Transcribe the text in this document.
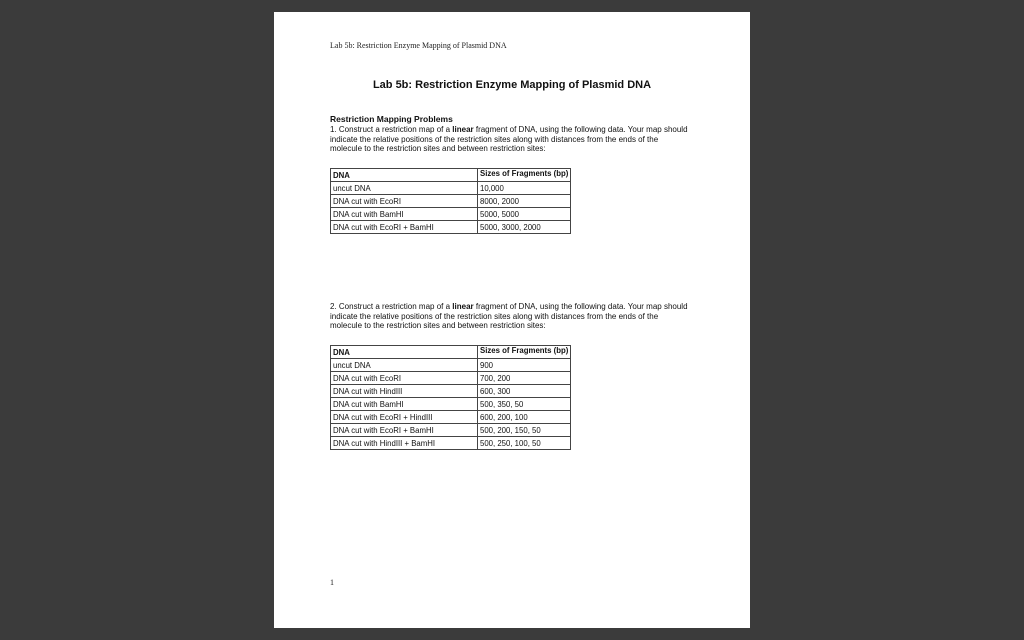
Lab 5b: Restriction Enzyme Mapping of Plasmid DNA
Lab 5b: Restriction Enzyme Mapping of Plasmid DNA
Restriction Mapping Problems
1. Construct a restriction map of a linear fragment of DNA, using the following data. Your map should indicate the relative positions of the restriction sites along with distances from the ends of the molecule to the restriction sites and between restriction sites:
DNA	Sizes of Fragments (bp)
uncut DNA	10,000
DNA cut with EcoRI	8000, 2000
DNA cut with BamHI	5000, 5000
DNA cut with EcoRI + BamHI	5000, 3000, 2000
2. Construct a restriction map of a linear fragment of DNA, using the following data. Your map should indicate the relative positions of the restriction sites along with distances from the ends of the molecule to the restriction sites and between restriction sites:
DNA	Sizes of Fragments (bp)
uncut DNA	900
DNA cut with EcoRI	700, 200
DNA cut with HindIII	600, 300
DNA cut with BamHI	500, 350, 50
DNA cut with EcoRI + HindIII	600, 200, 100
DNA cut with EcoRI + BamHI	500, 200, 150, 50
DNA cut with HindIII + BamHI	500, 250, 100, 50
1
